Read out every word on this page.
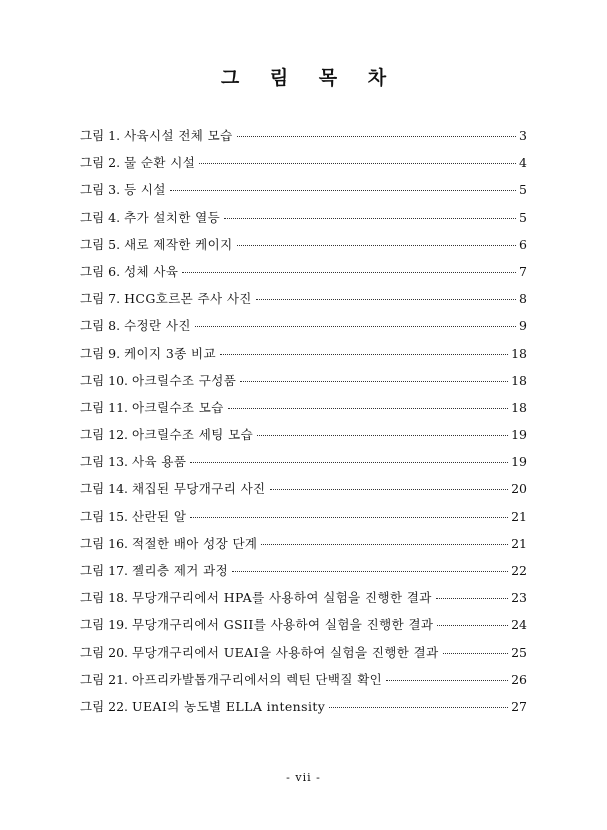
그 림 목 차
그림 1. 사육시설 전체 모습	3
그림 2. 물 순환 시설	4
그림 3. 등 시설	5
그림 4. 추가 설치한 열등	5
그림 5. 새로 제작한 케이지	6
그림 6. 성체 사육	7
그림 7. HCG호르몬 주사 사진	8
그림 8. 수정란 사진	9
그림 9. 케이지 3종 비교	18
그림 10. 아크릴수조 구성품	18
그림 11. 아크릴수조 모습	18
그림 12. 아크릴수조 세팅 모습	19
그림 13. 사육 용품	19
그림 14. 채집된 무당개구리 사진	20
그림 15. 산란된 알	21
그림 16. 적절한 배아 성장 단계	21
그림 17. 젤리층 제거 과정	22
그림 18. 무당개구리에서 HPA를 사용하여 실험을 진행한 결과	23
그림 19. 무당개구리에서 GSII를 사용하여 실험을 진행한 결과	24
그림 20. 무당개구리에서 UEAI을 사용하여 실험을 진행한 결과	25
그림 21. 아프리카발톱개구리에서의 렉틴 단백질 확인	26
그림 22. UEAI의 농도별 ELLA intensity	27
- vii -
